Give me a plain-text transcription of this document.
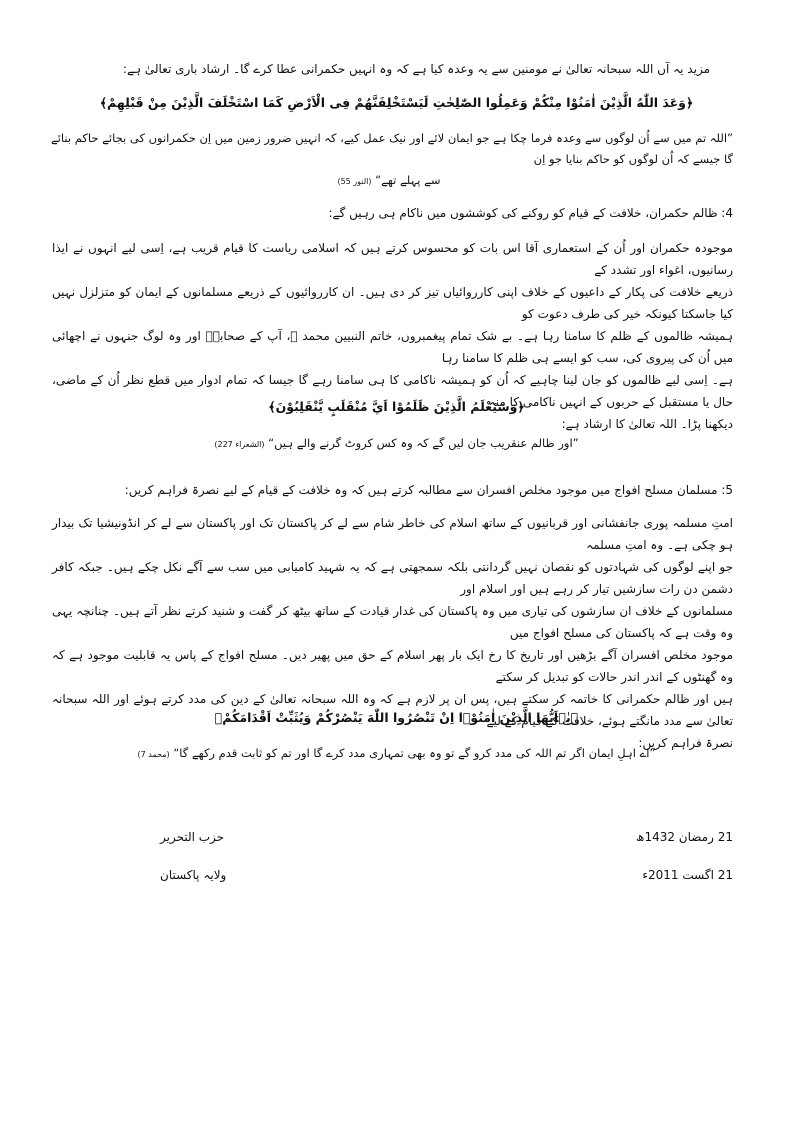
مزید یہ آں اللہ سبحانہ تعالیٰ نے مومنین سے یہ وعدہ کیا ہے کہ وہ انہیں حکمرانی عطا کرے گا۔ ارشاد باری تعالیٰ ہے:
﴿وَعَدَ اللّٰهُ الَّذِيْنَ اٰمَنُوْا مِنْكُمْ وَعَمِلُوا الصّٰلِحٰتِ لَيَسْتَخْلِفَنَّهُمْ فِى الْاَرْضِ كَمَا اسْتَخْلَفَ الَّذِيْنَ مِنْ قَبْلِهِمْ﴾
”اللہ تم میں سے اُن لوگوں سے وعدہ فرما چکا ہے جو ایمان لائے اور نیک عمل کیے، کہ انہیں ضرور زمین میں اِن حکمرانوں کی بجائے حاکم بنائے گا جیسے کہ اُن لوگوں کو حاکم بنایا جو اِن
سے پہلے تھے“ (النور 55)
4: ظالم حکمران، خلافت کے قیام کو روکنے کی کوششوں میں ناکام ہی رہیں گے:
موجودہ حکمران اور اُن کے استعماری آقا اس بات کو محسوس کرتے ہیں کہ اسلامی ریاست کا قیام قریب ہے، اِسی لیے انہوں نے ایذا رسانیوں، اغواء اور تشدد کے
ذریعے خلافت کی پکار کے داعیوں کے خلاف اپنی کارروائیاں تیز کر دی ہیں۔ ان کارروائیوں کے ذریعے مسلمانوں کے ایمان کو متزلزل نہیں کیا جاسکتا کیونکہ خیر کی طرف دعوت کو
ہمیشہ ظالموں کے ظلم کا سامنا رہا ہے۔ بے شک تمام پیغمبروں، خاتم النبیین محمد ﷺ، آپ کے صحابہؓ اور وہ لوگ جنہوں نے اچھائی میں اُن کی پیروی کی، سب کو ایسے ہی ظلم کا سامنا رہا
ہے۔ اِسی لیے ظالموں کو جان لینا چاہیے کہ اُن کو ہمیشہ ناکامی کا ہی سامنا رہے گا جیسا کہ تمام ادوار میں قطع نظر اُن کے ماضی، حال یا مستقبل کے حربوں کے انہیں ناکامی کا منہ
دیکھنا پڑا۔ اللہ تعالیٰ کا ارشاد ہے:
﴿وَسَيَعْلَمُ الَّذِيْنَ ظَلَمُوْا اَيَّ مُنْقَلَبٍ يَّنْقَلِبُوْنَ﴾
”اور ظالم عنقریب جان لیں گے کہ وہ کس کروٹ گرنے والے ہیں“ (الشعراء 227)
5: مسلمان مسلح افواج میں موجود مخلص افسران سے مطالبہ کرتے ہیں کہ وہ خلافت کے قیام کے لیے نصرۃ فراہم کریں:
امتِ مسلمہ پوری جانفشانی اور قربانیوں کے ساتھ اسلام کی خاطر شام سے لے کر پاکستان تک اور پاکستان سے لے کر انڈونیشیا تک بیدار ہو چکی ہے۔ وہ امتِ مسلمہ
جو اپنے لوگوں کی شہادتوں کو نقصان نہیں گردانتی بلکہ سمجھتی ہے کہ یہ شہید کامیابی میں سب سے آگے نکل چکے ہیں۔ جبکہ کافر دشمن دن رات سازشیں تیار کر رہے ہیں اور اسلام اور
مسلمانوں کے خلاف ان سازشوں کی تیاری میں وہ پاکستان کی غدار قیادت کے ساتھ بیٹھ کر گفت و شنید کرتے نظر آتے ہیں۔ چنانچہ یہی وہ وقت ہے کہ پاکستان کی مسلح افواج میں
موجود مخلص افسران آگے بڑھیں اور تاریخ کا رخ ایک بار پھر اسلام کے حق میں پھیر دیں۔ مسلح افواج کے پاس یہ قابلیت موجود ہے کہ وہ گھنٹوں کے اندر اندر حالات کو تبدیل کر سکتے
ہیں اور ظالم حکمرانی کا خاتمہ کر سکتے ہیں، پس ان پر لازم ہے کہ وہ اللہ سبحانہ تعالیٰ کے دین کی مدد کرتے ہوئے اور اللہ سبحانہ تعالیٰ سے مدد مانگتے ہوئے، خلافت کے قیام کے لیے
نصرۃ فراہم کریں:
﴿يٰۤاَيُّهَا الَّذِيْنَ اٰمَنُوْۤا اِنْ تَنْصُرُوا اللّٰهَ يَنْصُرْكُمْ وَيُثَبِّتْ اَقْدَامَكُمْ﴾
”اے اہلِ ایمان اگر تم اللہ کی مدد کرو گے تو وہ بھی تمہاری مدد کرے گا اور تم کو ثابت قدم رکھے گا“ (محمد 7)
حزب التحریر	21 رمضان 1432ھ
ولایہ پاکستان	21 اگست 2011ء
